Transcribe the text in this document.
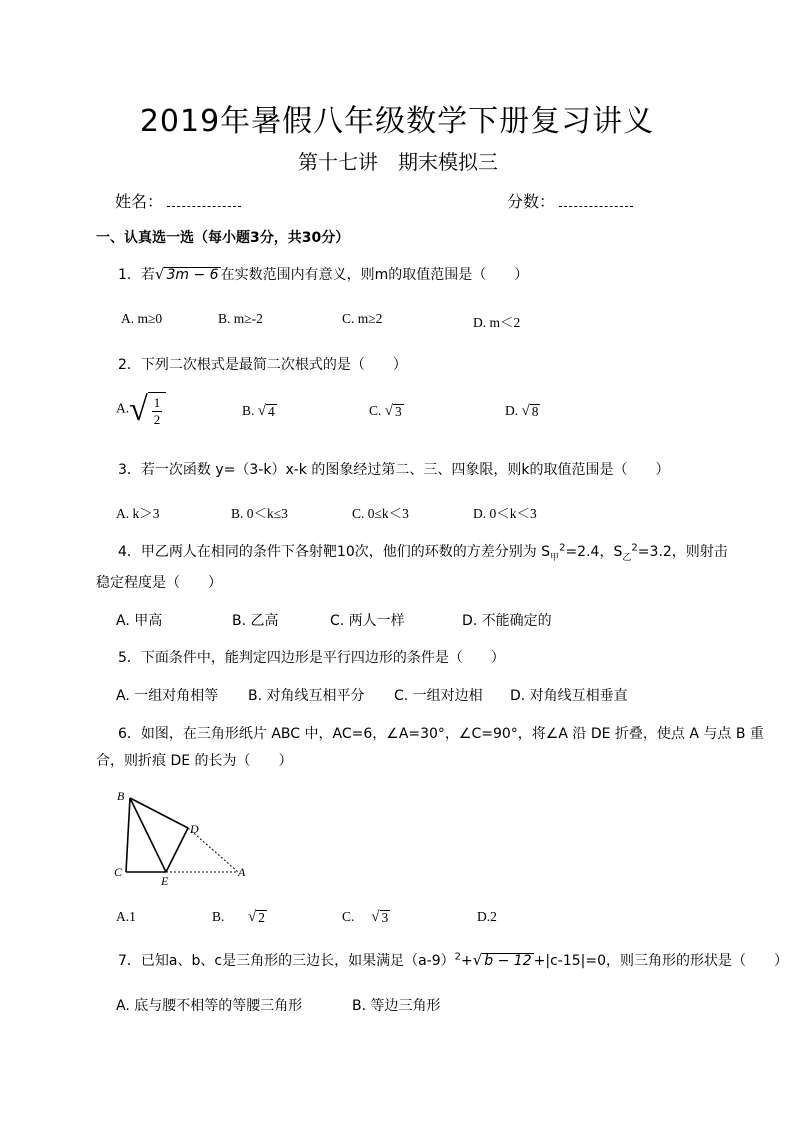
2019年暑假八年级数学下册复习讲义
第十七讲　期末模拟三
姓名：	分数：
一、认真选一选（每小题3分，共30分）
1．若 √ 3m − 6 在实数范围内有意义，则m的取值范围是（　　）
A. m≥0	B. m≥-2	C. m≥2	D. m＜2
2．下列二次根式是最简二次根式的是（　　）
A. √ $\frac{1}{2}$	B. √ 4	C. √ 3	D. √ 8
3．若一次函数 y=（3-k）x-k 的图象经过第二、三、四象限，则k的取值范围是（　　）
A. k＞3	B. 0＜k≤3	C. 0≤k＜3	D. 0＜k＜3
4．甲乙两人在相同的条件下各射靶10次，他们的环数的方差分别为 $S_甲^2=2.4$，$S_乙^2=3.2$，则射击
稳定程度是（　　）
A. 甲高	B. 乙高	C. 两人一样	D. 不能确定的
5．下面条件中，能判定四边形是平行四边形的条件是（　　）
A. 一组对角相等 B. 对角线互相平分 C. 一组对边相 D. 对角线互相垂直
6．如图，在三角形纸片 ABC 中，AC=6，∠A=30°，∠C=90°，将∠A 沿 DE 折叠，使点 A 与点 B 重
合，则折痕 DE 的长为（　　）
B
C
D
E
A
A.1	B. √ 2	C. √ 3	D.2
7．已知a、b、c是三角形的三边长，如果满足$(a-9)^2+$ √ b − 12 +|c-15|=0，则三角形的形状是（　　）
A. 底与腰不相等的等腰三角形	B. 等边三角形
